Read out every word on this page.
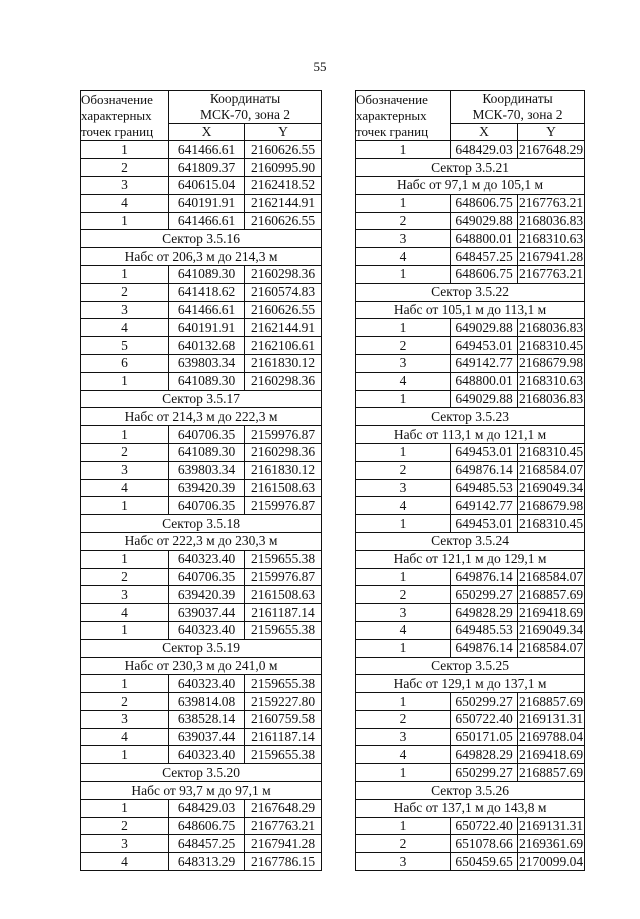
55
Обозначение
характерных
точек границ	Координаты
МСК-70, зона 2	

	X	Y
1	641466.61	2160626.55
2	641809.37	2160995.90
3	640615.04	2162418.52
4	640191.91	2162144.91
1	641466.61	2160626.55
Сектор 3.5.16		
Набс от 206,3 м до 214,3 м		
1	641089.30	2160298.36
2	641418.62	2160574.83
3	641466.61	2160626.55
4	640191.91	2162144.91
5	640132.68	2162106.61
6	639803.34	2161830.12
1	641089.30	2160298.36
Сектор 3.5.17		
Набс от 214,3 м до 222,3 м		
1	640706.35	2159976.87
2	641089.30	2160298.36
3	639803.34	2161830.12
4	639420.39	2161508.63
1	640706.35	2159976.87
Сектор 3.5.18		
Набс от 222,3 м до 230,3 м		
1	640323.40	2159655.38
2	640706.35	2159976.87
3	639420.39	2161508.63
4	639037.44	2161187.14
1	640323.40	2159655.38
Сектор 3.5.19		
Набс от 230,3 м до 241,0 м		
1	640323.40	2159655.38
2	639814.08	2159227.80
3	638528.14	2160759.58
4	639037.44	2161187.14
1	640323.40	2159655.38
Сектор 3.5.20		
Набс от 93,7 м до 97,1 м		
1	648429.03	2167648.29
2	648606.75	2167763.21
3	648457.25	2167941.28
4	648313.29	2167786.15
Обозначение
характерных
точек границ	Координаты
МСК-70, зона 2	

	X	Y
1	648429.03	2167648.29
Сектор 3.5.21		
Набс от 97,1 м до 105,1 м		
1	648606.75	2167763.21
2	649029.88	2168036.83
3	648800.01	2168310.63
4	648457.25	2167941.28
1	648606.75	2167763.21
Сектор 3.5.22		
Набс от 105,1 м до 113,1 м		
1	649029.88	2168036.83
2	649453.01	2168310.45
3	649142.77	2168679.98
4	648800.01	2168310.63
1	649029.88	2168036.83
Сектор 3.5.23		
Набс от 113,1 м до 121,1 м		
1	649453.01	2168310.45
2	649876.14	2168584.07
3	649485.53	2169049.34
4	649142.77	2168679.98
1	649453.01	2168310.45
Сектор 3.5.24		
Набс от 121,1 м до 129,1 м		
1	649876.14	2168584.07
2	650299.27	2168857.69
3	649828.29	2169418.69
4	649485.53	2169049.34
1	649876.14	2168584.07
Сектор 3.5.25		
Набс от 129,1 м до 137,1 м		
1	650299.27	2168857.69
2	650722.40	2169131.31
3	650171.05	2169788.04
4	649828.29	2169418.69
1	650299.27	2168857.69
Сектор 3.5.26		
Набс от 137,1 м до 143,8 м		
1	650722.40	2169131.31
2	651078.66	2169361.69
3	650459.65	2170099.04
